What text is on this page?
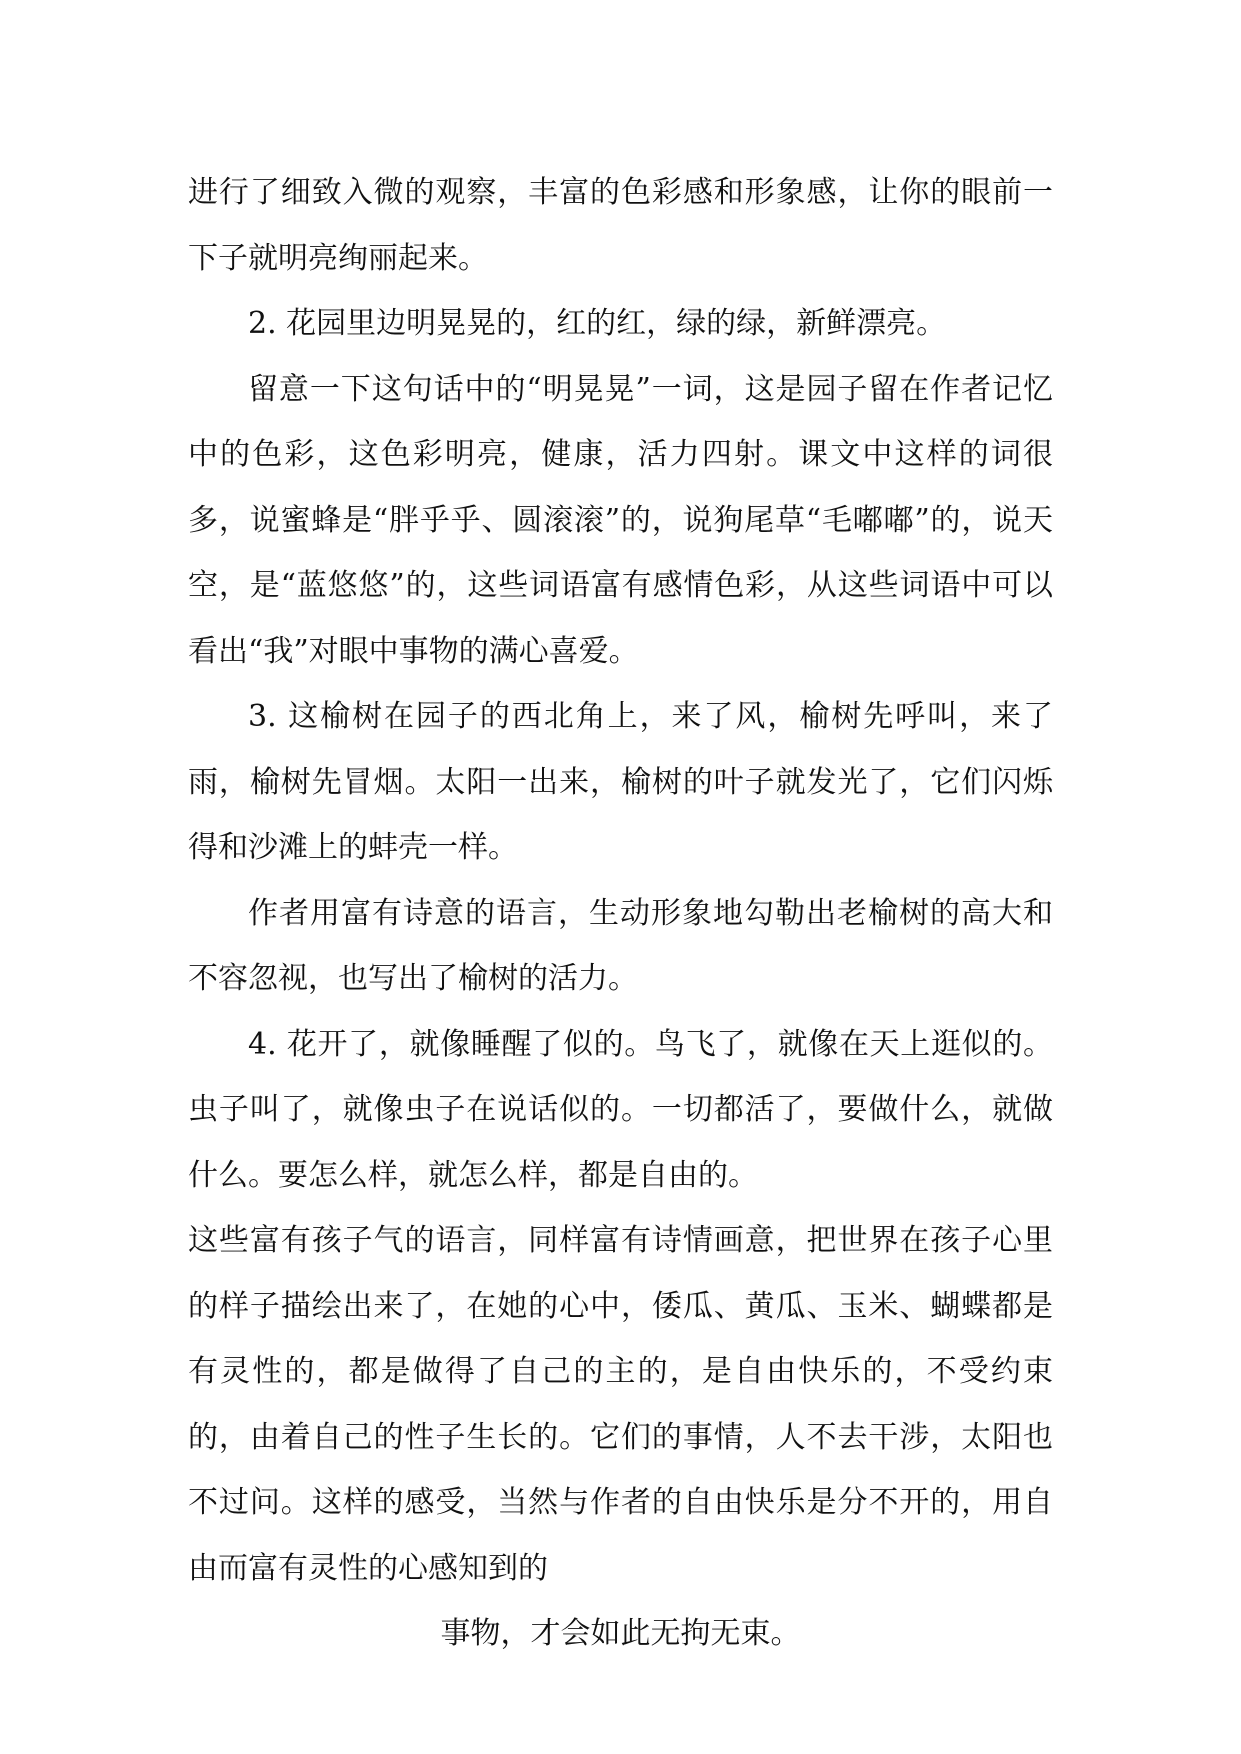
进行了细致入微的观察，丰富的色彩感和形象感，让你的眼前一下子就明亮绚丽起来。

2. 花园里边明晃晃的，红的红，绿的绿，新鲜漂亮。

留意一下这句话中的“明晃晃”一词，这是园子留在作者记忆中的色彩，这色彩明亮，健康，活力四射。课文中这样的词很多，说蜜蜂是“胖乎乎、圆滚滚”的，说狗尾草“毛嘟嘟”的，说天空，是“蓝悠悠”的，这些词语富有感情色彩，从这些词语中可以看出“我”对眼中事物的满心喜爱。

3. 这榆树在园子的西北角上，来了风，榆树先呼叫，来了雨，榆树先冒烟。太阳一出来，榆树的叶子就发光了，它们闪烁得和沙滩上的蚌壳一样。

作者用富有诗意的语言，生动形象地勾勒出老榆树的高大和不容忽视，也写出了榆树的活力。

4. 花开了，就像睡醒了似的。鸟飞了，就像在天上逛似的。虫子叫了，就像虫子在说话似的。一切都活了，要做什么，就做什么。要怎么样，就怎么样，都是自由的。

这些富有孩子气的语言，同样富有诗情画意，把世界在孩子心里的样子描绘出来了，在她的心中，倭瓜、黄瓜、玉米、蝴蝶都是有灵性的，都是做得了自己的主的，是自由快乐的，不受约束的，由着自己的性子生长的。它们的事情，人不去干涉，太阳也不过问。这样的感受，当然与作者的自由快乐是分不开的，用自由而富有灵性的心感知到的

事物，才会如此无拘无束。
